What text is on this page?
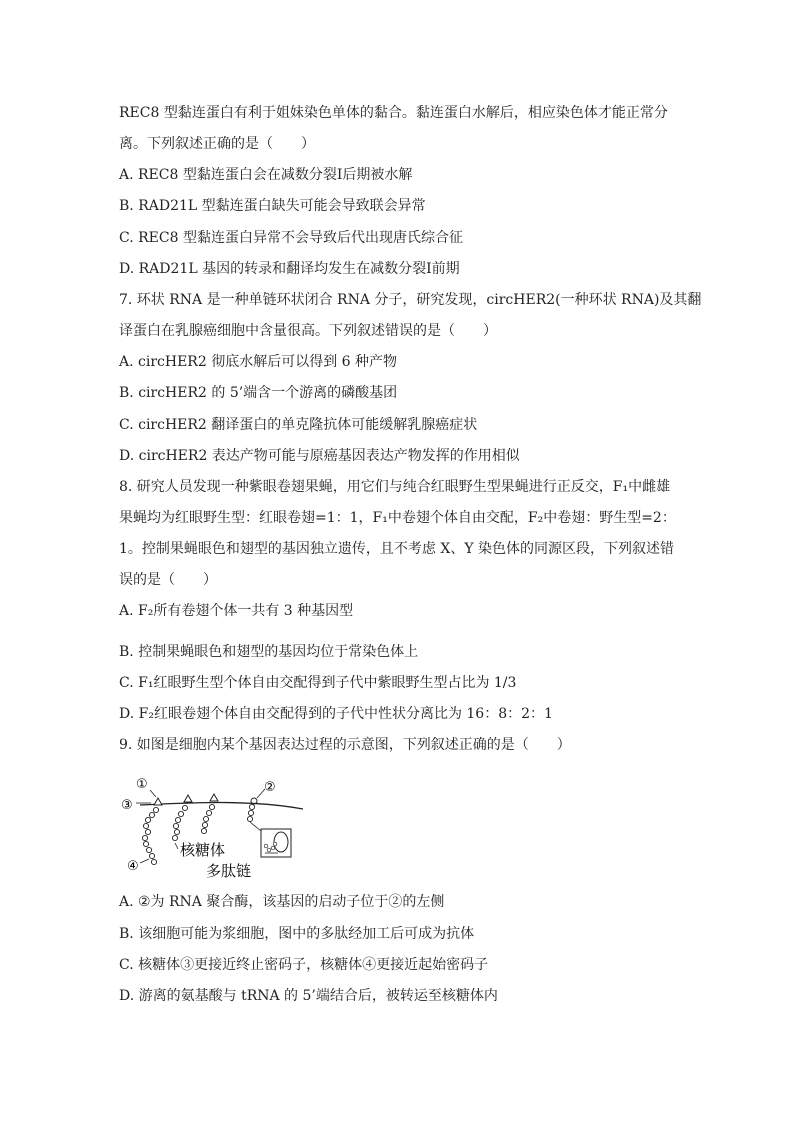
REC8 型黏连蛋白有利于姐妹染色单体的黏合。黏连蛋白水解后，相应染色体才能正常分
离。下列叙述正确的是（　　）
A. REC8 型黏连蛋白会在减数分裂Ⅰ后期被水解
B. RAD21L 型黏连蛋白缺失可能会导致联会异常
C. REC8 型黏连蛋白异常不会导致后代出现唐氏综合征
D. RAD21L 基因的转录和翻译均发生在减数分裂Ⅰ前期
7. 环状 RNA 是一种单链环状闭合 RNA 分子，研究发现，circHER2(一种环状 RNA)及其翻
译蛋白在乳腺癌细胞中含量很高。下列叙述错误的是（　　）
A. circHER2 彻底水解后可以得到 6 种产物
B. circHER2 的 5’端含一个游离的磷酸基团
C. circHER2 翻译蛋白的单克隆抗体可能缓解乳腺癌症状
D. circHER2 表达产物可能与原癌基因表达产物发挥的作用相似
8. 研究人员发现一种紫眼卷翅果蝇，用它们与纯合红眼野生型果蝇进行正反交，F₁中雌雄
果蝇均为红眼野生型：红眼卷翅=1：1，F₁中卷翅个体自由交配，F₂中卷翅：野生型=2：
1。控制果蝇眼色和翅型的基因独立遗传，且不考虑 X、Y 染色体的同源区段，下列叙述错
误的是（　　）
A. F₂所有卷翅个体一共有 3 种基因型
B. 控制果蝇眼色和翅型的基因均位于常染色体上
C. F₁红眼野生型个体自由交配得到子代中紫眼野生型占比为 1/3
D. F₂红眼卷翅个体自由交配得到的子代中性状分离比为 16：8：2：1
9. 如图是细胞内某个基因表达过程的示意图，下列叙述正确的是（　　）
①	②
③
④
核糖体
多肽链
A. ②为 RNA 聚合酶，该基因的启动子位于②的左侧
B. 该细胞可能为浆细胞，图中的多肽经加工后可成为抗体
C. 核糖体③更接近终止密码子，核糖体④更接近起始密码子
D. 游离的氨基酸与 tRNA 的 5’端结合后，被转运至核糖体内
